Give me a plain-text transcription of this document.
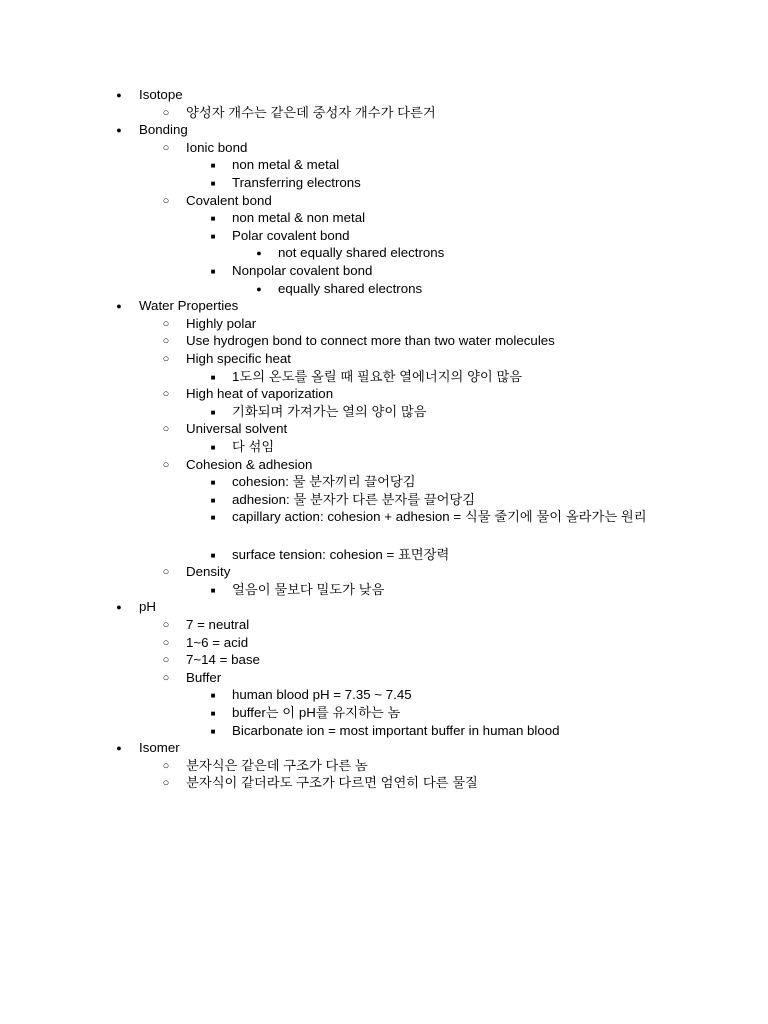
●
Isotope
○
양성자 개수는 같은데 중성자 개수가 다른거
●
Bonding
○
Ionic bond
■
non metal & metal
■
Transferring electrons
○
Covalent bond
■
non metal & non metal
■
Polar covalent bond
●
not equally shared electrons
■
Nonpolar covalent bond
●
equally shared electrons
●
Water Properties
○
Highly polar
○
Use hydrogen bond to connect more than two water molecules
○
High specific heat
■
1도의 온도를 올릴 때 필요한 열에너지의 양이 많음
○
High heat of vaporization
■
기화되며 가져가는 열의 양이 많음
○
Universal solvent
■
다 섞임
○
Cohesion & adhesion
■
cohesion: 물 분자끼리 끌어당김
■
adhesion: 물 분자가 다른 분자를 끌어당김
■
capillary action: cohesion + adhesion = 식물 줄기에 물이 올라가는 원리
■
surface tension: cohesion = 표면장력
○
Density
■
얼음이 물보다 밀도가 낮음
●
pH
○
7 = neutral
○
1~6 = acid
○
7~14 = base
○
Buffer
■
human blood pH = 7.35 ~ 7.45
■
buffer는 이 pH를 유지하는 놈
■
Bicarbonate ion = most important buffer in human blood
●
Isomer
○
분자식은 같은데 구조가 다른 놈
○
분자식이 같더라도 구조가 다르면 엄연히 다른 물질
